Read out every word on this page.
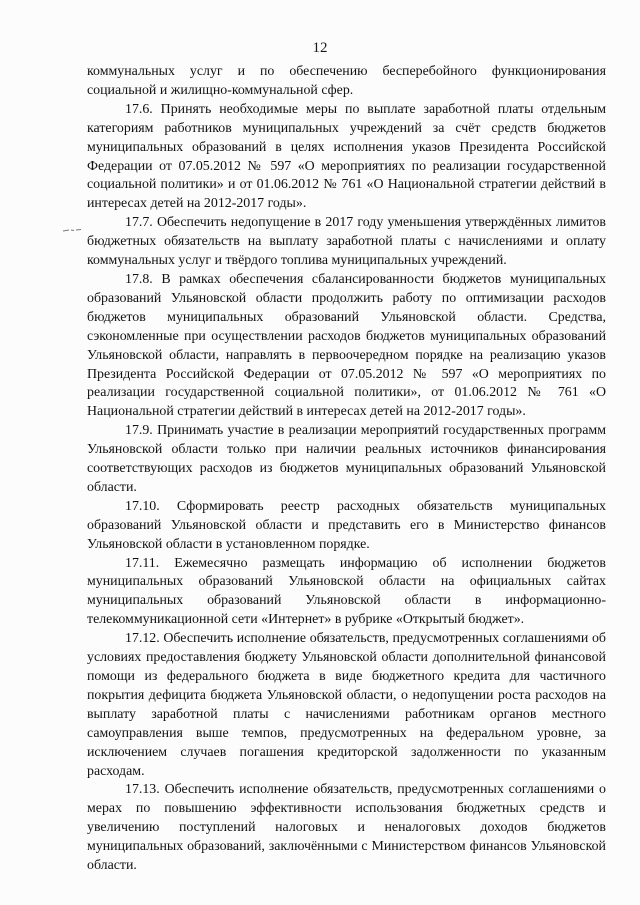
12

коммунальных услуг и по обеспечению бесперебойного функционирования социальной и жилищно-коммунальной сфер.

17.6. Принять необходимые меры по выплате заработной платы отдельным категориям работников муниципальных учреждений за счёт средств бюджетов муниципальных образований в целях исполнения указов Президента Российской Федерации от 07.05.2012 № 597 «О мероприятиях по реализации государственной социальной политики» и от 01.06.2012 № 761 «О Национальной стратегии действий в интересах детей на 2012-2017 годы».

17.7. Обеспечить недопущение в 2017 году уменьшения утверждённых лимитов бюджетных обязательств на выплату заработной платы с начислениями и оплату коммунальных услуг и твёрдого топлива муниципальных учреждений.

17.8. В рамках обеспечения сбалансированности бюджетов муниципальных образований Ульяновской области продолжить работу по оптимизации расходов бюджетов муниципальных образований Ульяновской области. Средства, сэкономленные при осуществлении расходов бюджетов муниципальных образований Ульяновской области, направлять в первоочередном порядке на реализацию указов Президента Российской Федерации от 07.05.2012 № 597 «О мероприятиях по реализации государственной социальной политики», от 01.06.2012 № 761 «О Национальной стратегии действий в интересах детей на 2012-2017 годы».

17.9. Принимать участие в реализации мероприятий государственных программ Ульяновской области только при наличии реальных источников финансирования соответствующих расходов из бюджетов муниципальных образований Ульяновской области.

17.10. Сформировать реестр расходных обязательств муниципальных образований Ульяновской области и представить его в Министерство финансов Ульяновской области в установленном порядке.

17.11. Ежемесячно размещать информацию об исполнении бюджетов муниципальных образований Ульяновской области на официальных сайтах муниципальных образований Ульяновской области в информационно-телекоммуникационной сети «Интернет» в рубрике «Открытый бюджет».

17.12. Обеспечить исполнение обязательств, предусмотренных соглашениями об условиях предоставления бюджету Ульяновской области дополнительной финансовой помощи из федерального бюджета в виде бюджетного кредита для частичного покрытия дефицита бюджета Ульяновской области, о недопущении роста расходов на выплату заработной платы с начислениями работникам органов местного самоуправления выше темпов, предусмотренных на федеральном уровне, за исключением случаев погашения кредиторской задолженности по указанным расходам.

17.13. Обеспечить исполнение обязательств, предусмотренных соглашениями о мерах по повышению эффективности использования бюджетных средств и увеличению поступлений налоговых и неналоговых доходов бюджетов муниципальных образований, заключёнными с Министерством финансов Ульяновской области.
